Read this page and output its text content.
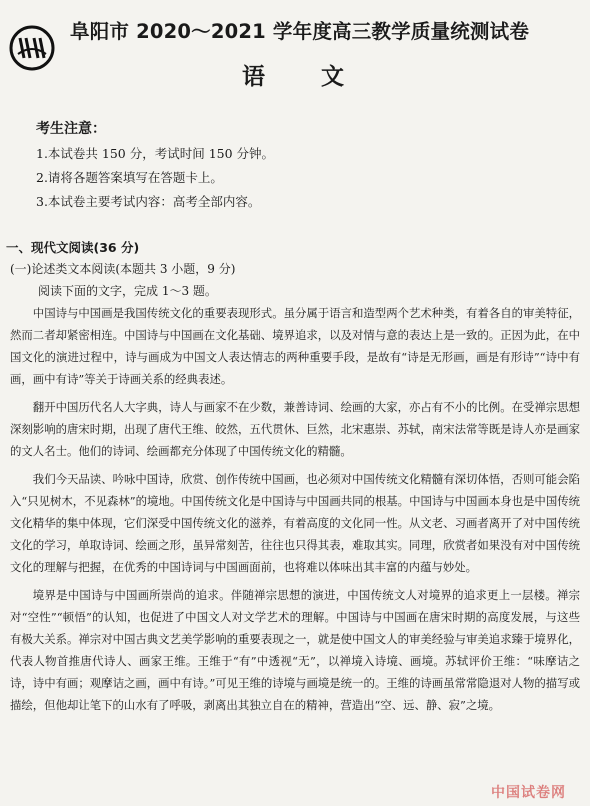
阜阳市 2020～2021 学年度高三教学质量统测试卷
语 文
考生注意：
1.本试卷共 150 分，考试时间 150 分钟。
2.请将各题答案填写在答题卡上。
3.本试卷主要考试内容：高考全部内容。
一、现代文阅读(36 分)
(一)论述类文本阅读(本题共 3 小题，9 分)
阅读下面的文字，完成 1～3 题。

中国诗与中国画是我国传统文化的重要表现形式。虽分属于语言和造型两个艺术种类，有着各自的审美特征，然而二者却紧密相连。中国诗与中国画在文化基础、境界追求，以及对情与意的表达上是一致的。正因为此，在中国文化的演进过程中，诗与画成为中国文人表达情志的两种重要手段，是故有“诗是无形画，画是有形诗”“诗中有画，画中有诗”等关于诗画关系的经典表述。

翻开中国历代名人大字典，诗人与画家不在少数，兼善诗词、绘画的大家，亦占有不小的比例。在受禅宗思想深刻影响的唐宋时期，出现了唐代王维、皎然，五代贯休、巨然，北宋惠崇、苏轼，南宋法常等既是诗人亦是画家的文人名士。他们的诗词、绘画都充分体现了中国传统文化的精髓。

我们今天品读、吟咏中国诗，欣赏、创作传统中国画，也必须对中国传统文化精髓有深切体悟，否则可能会陷入“只见树木，不见森林”的境地。中国传统文化是中国诗与中国画共同的根基。中国诗与中国画本身也是中国传统文化精华的集中体现，它们深受中国传统文化的滋养，有着高度的文化同一性。从文老、习画者离开了对中国传统文化的学习，单取诗词、绘画之形，虽异常刻苦，往往也只得其表，难取其实。同理，欣赏者如果没有对中国传统文化的理解与把握，在优秀的中国诗词与中国画面前，也将难以体味出其丰富的内蕴与妙处。

境界是中国诗与中国画所崇尚的追求。伴随禅宗思想的演进，中国传统文人对境界的追求更上一层楼。禅宗对“空性”“顿悟”的认知，也促进了中国文人对文学艺术的理解。中国诗与中国画在唐宋时期的高度发展，与这些有极大关系。禅宗对中国古典文艺美学影响的重要表现之一，就是使中国文人的审美经验与审美追求臻于境界化，代表人物首推唐代诗人、画家王维。王维于“有”中透视“无”，以禅境入诗境、画境。苏轼评价王维：“味摩诘之诗，诗中有画；观摩诘之画，画中有诗。”可见王维的诗境与画境是统一的。王维的诗画虽常常隐退对人物的描写或描绘，但他却让笔下的山水有了呼吸，剥离出其独立自在的精神，营造出“空、远、静、寂”之境。

中国试卷网
